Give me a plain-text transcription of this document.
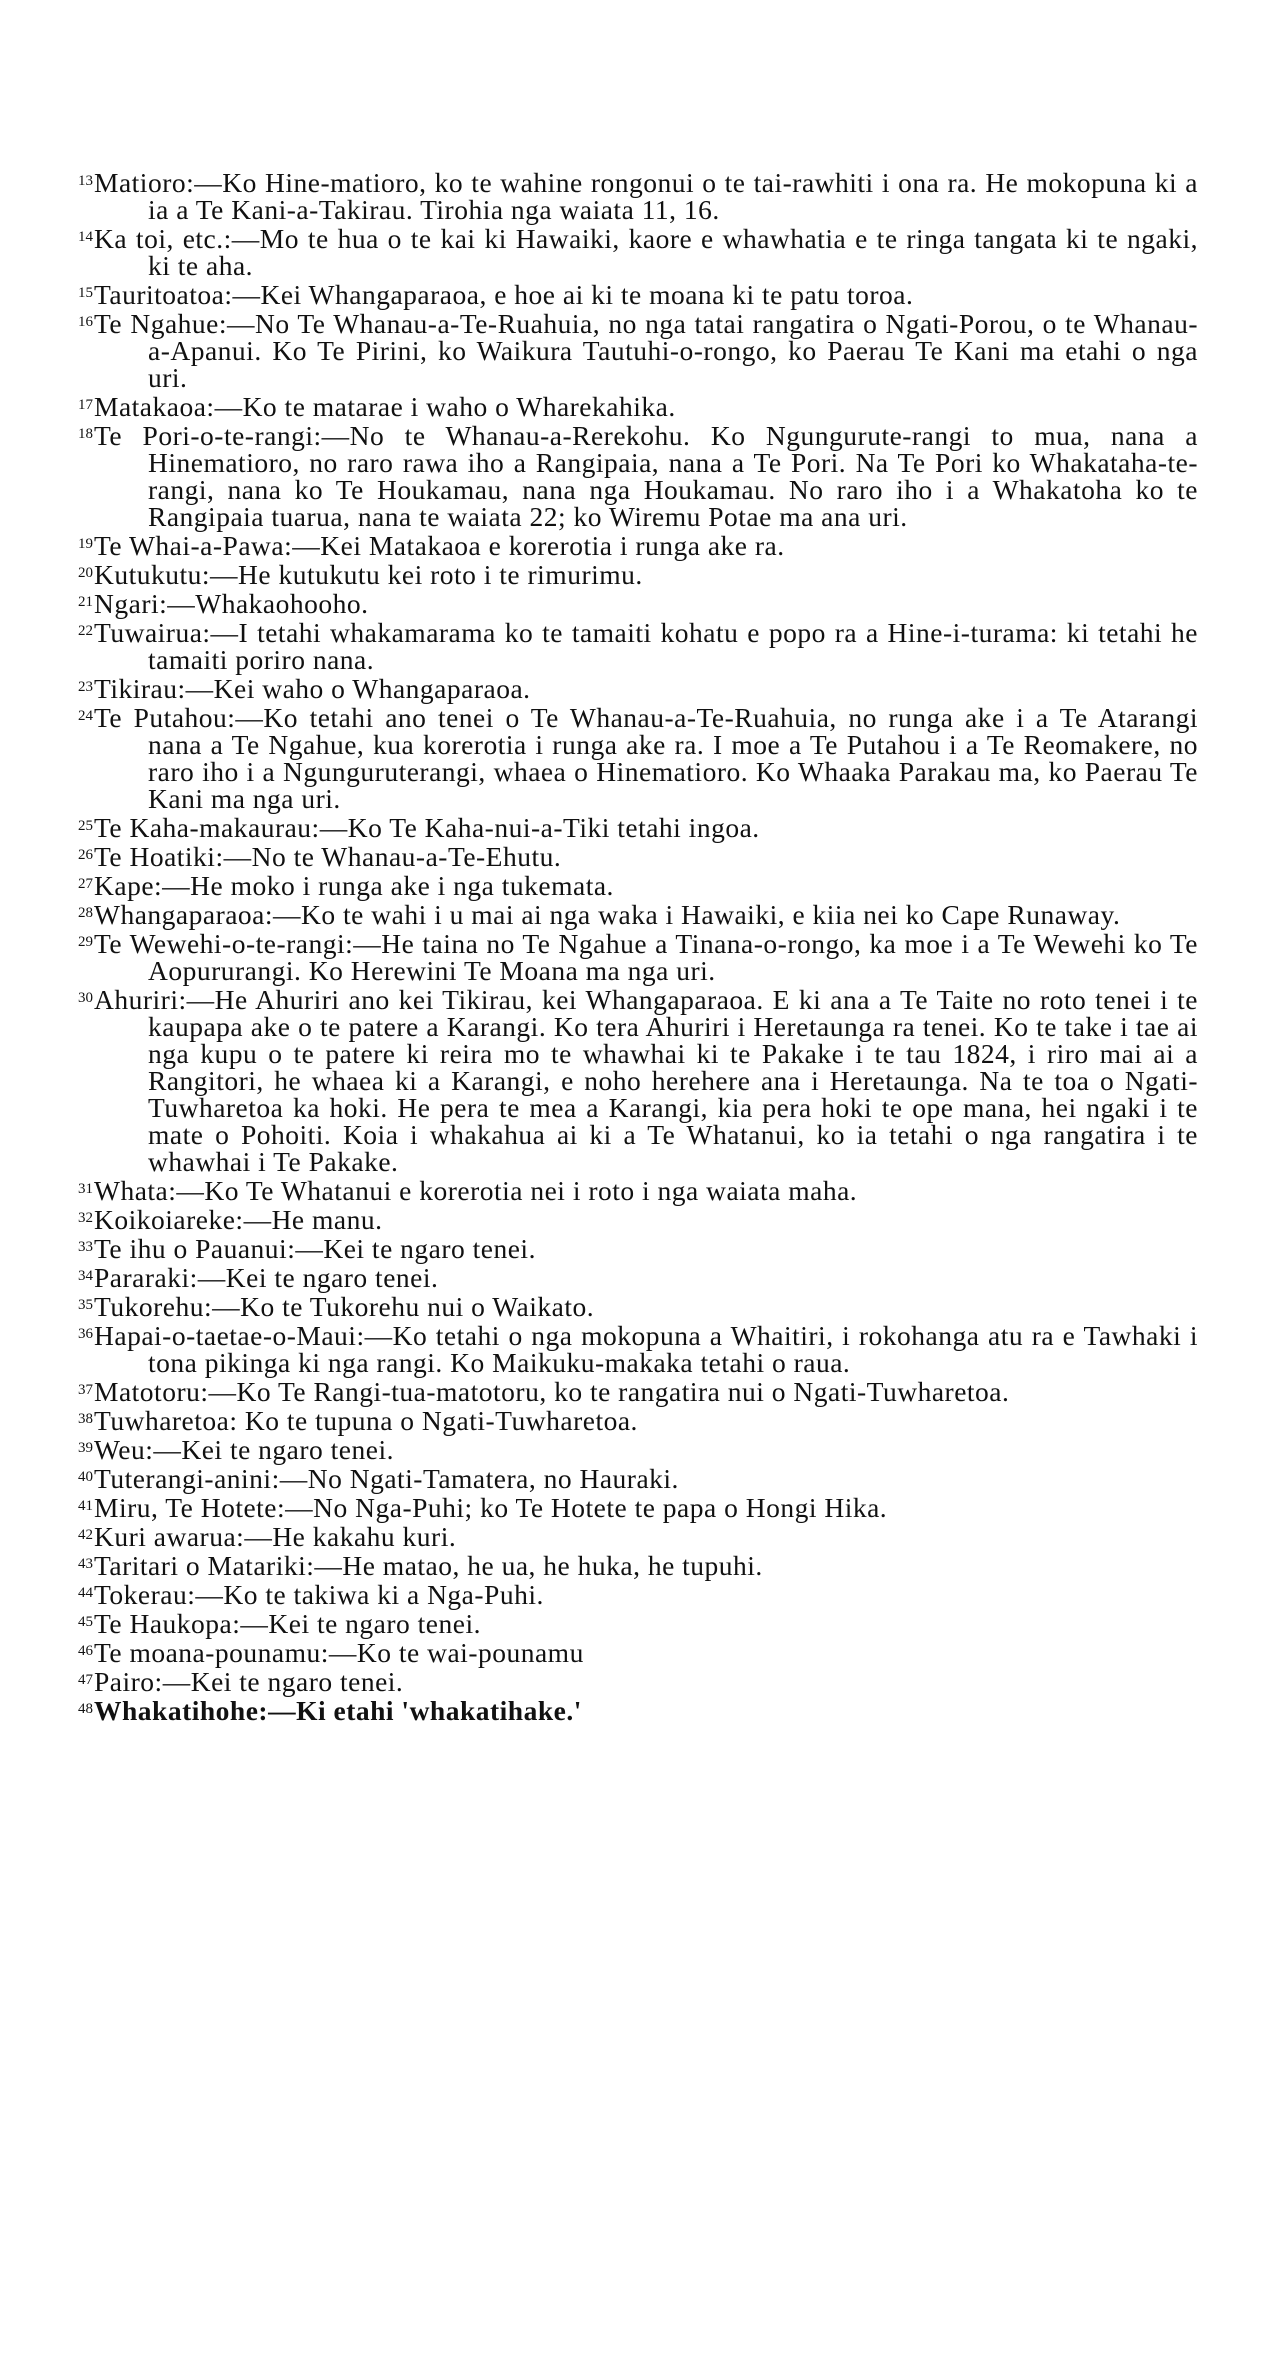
$^{13}$Matioro:—Ko Hine-matioro, ko te wahine rongonui o te tai-rawhiti i ona ra. He mokopuna ki a ia a Te Kani-a-Takirau. Tirohia nga waiata 11, 16.
$^{14}$Ka toi, etc.:—Mo te hua o te kai ki Hawaiki, kaore e whawhatia e te ringa tangata ki te ngaki, ki te aha.
$^{15}$Tauritoatoa:—Kei Whangaparaoa, e hoe ai ki te moana ki te patu toroa.
$^{16}$Te Ngahue:—No Te Whanau-a-Te-Ruahuia, no nga tatai rangatira o Ngati-Porou, o te Whanau-a-Apanui. Ko Te Pirini, ko Waikura Tautuhi-o-rongo, ko Paerau Te Kani ma etahi o nga uri.
$^{17}$Matakaoa:—Ko te matarae i waho o Wharekahika.
$^{18}$Te Pori-o-te-rangi:—No te Whanau-a-Rerekohu. Ko Ngungurute-rangi to mua, nana a Hinematioro, no raro rawa iho a Rangipaia, nana a Te Pori. Na Te Pori ko Whakataha-te-rangi, nana ko Te Houkamau, nana nga Houkamau. No raro iho i a Whakatoha ko te Rangipaia tuarua, nana te waiata 22; ko Wiremu Potae ma ana uri.
$^{19}$Te Whai-a-Pawa:—Kei Matakaoa e korerotia i runga ake ra.
$^{20}$Kutukutu:—He kutukutu kei roto i te rimurimu.
$^{21}$Ngari:—Whakaohooho.
$^{22}$Tuwairua:—I tetahi whakamarama ko te tamaiti kohatu e popo ra a Hine-i-turama: ki tetahi he tamaiti poriro nana.
$^{23}$Tikirau:—Kei waho o Whangaparaoa.
$^{24}$Te Putahou:—Ko tetahi ano tenei o Te Whanau-a-Te-Ruahuia, no runga ake i a Te Atarangi nana a Te Ngahue, kua korerotia i runga ake ra. I moe a Te Putahou i a Te Reomakere, no raro iho i a Ngunguruterangi, whaea o Hinematioro. Ko Whaaka Parakau ma, ko Paerau Te Kani ma nga uri.
$^{25}$Te Kaha-makaurau:—Ko Te Kaha-nui-a-Tiki tetahi ingoa.
$^{26}$Te Hoatiki:—No te Whanau-a-Te-Ehutu.
$^{27}$Kape:—He moko i runga ake i nga tukemata.
$^{28}$Whangaparaoa:—Ko te wahi i u mai ai nga waka i Hawaiki, e kiia nei ko Cape Runaway.
$^{29}$Te Wewehi-o-te-rangi:—He taina no Te Ngahue a Tinana-o-rongo, ka moe i a Te Wewehi ko Te Aopururangi. Ko Herewini Te Moana ma nga uri.
$^{30}$Ahuriri:—He Ahuriri ano kei Tikirau, kei Whangaparaoa. E ki ana a Te Taite no roto tenei i te kaupapa ake o te patere a Karangi. Ko tera Ahuriri i Heretaunga ra tenei. Ko te take i tae ai nga kupu o te patere ki reira mo te whawhai ki te Pakake i te tau 1824, i riro mai ai a Rangitori, he whaea ki a Karangi, e noho herehere ana i Heretaunga. Na te toa o Ngati-Tuwharetoa ka hoki. He pera te mea a Karangi, kia pera hoki te ope mana, hei ngaki i te mate o Pohoiti. Koia i whakahua ai ki a Te Whatanui, ko ia tetahi o nga rangatira i te whawhai i Te Pakake.
$^{31}$Whata:—Ko Te Whatanui e korerotia nei i roto i nga waiata maha.
$^{32}$Koikoiareke:—He manu.
$^{33}$Te ihu o Pauanui:—Kei te ngaro tenei.
$^{34}$Pararaki:—Kei te ngaro tenei.
$^{35}$Tukorehu:—Ko te Tukorehu nui o Waikato.
$^{36}$Hapai-o-taetae-o-Maui:—Ko tetahi o nga mokopuna a Whaitiri, i rokohanga atu ra e Tawhaki i tona pikinga ki nga rangi. Ko Maikuku-makaka tetahi o raua.
$^{37}$Matotoru:—Ko Te Rangi-tua-matotoru, ko te rangatira nui o Ngati-Tuwharetoa.
$^{38}$Tuwharetoa: Ko te tupuna o Ngati-Tuwharetoa.
$^{39}$Weu:—Kei te ngaro tenei.
$^{40}$Tuterangi-anini:—No Ngati-Tamatera, no Hauraki.
$^{41}$Miru, Te Hotete:—No Nga-Puhi; ko Te Hotete te papa o Hongi Hika.
$^{42}$Kuri awarua:—He kakahu kuri.
$^{43}$Taritari o Matariki:—He matao, he ua, he huka, he tupuhi.
$^{44}$Tokerau:—Ko te takiwa ki a Nga-Puhi.
$^{45}$Te Haukopa:—Kei te ngaro tenei.
$^{46}$Te moana-pounamu:—Ko te wai-pounamu
$^{47}$Pairo:—Kei te ngaro tenei.
$^{48}$Whakatihohe:—Ki etahi 'whakatihake.'
